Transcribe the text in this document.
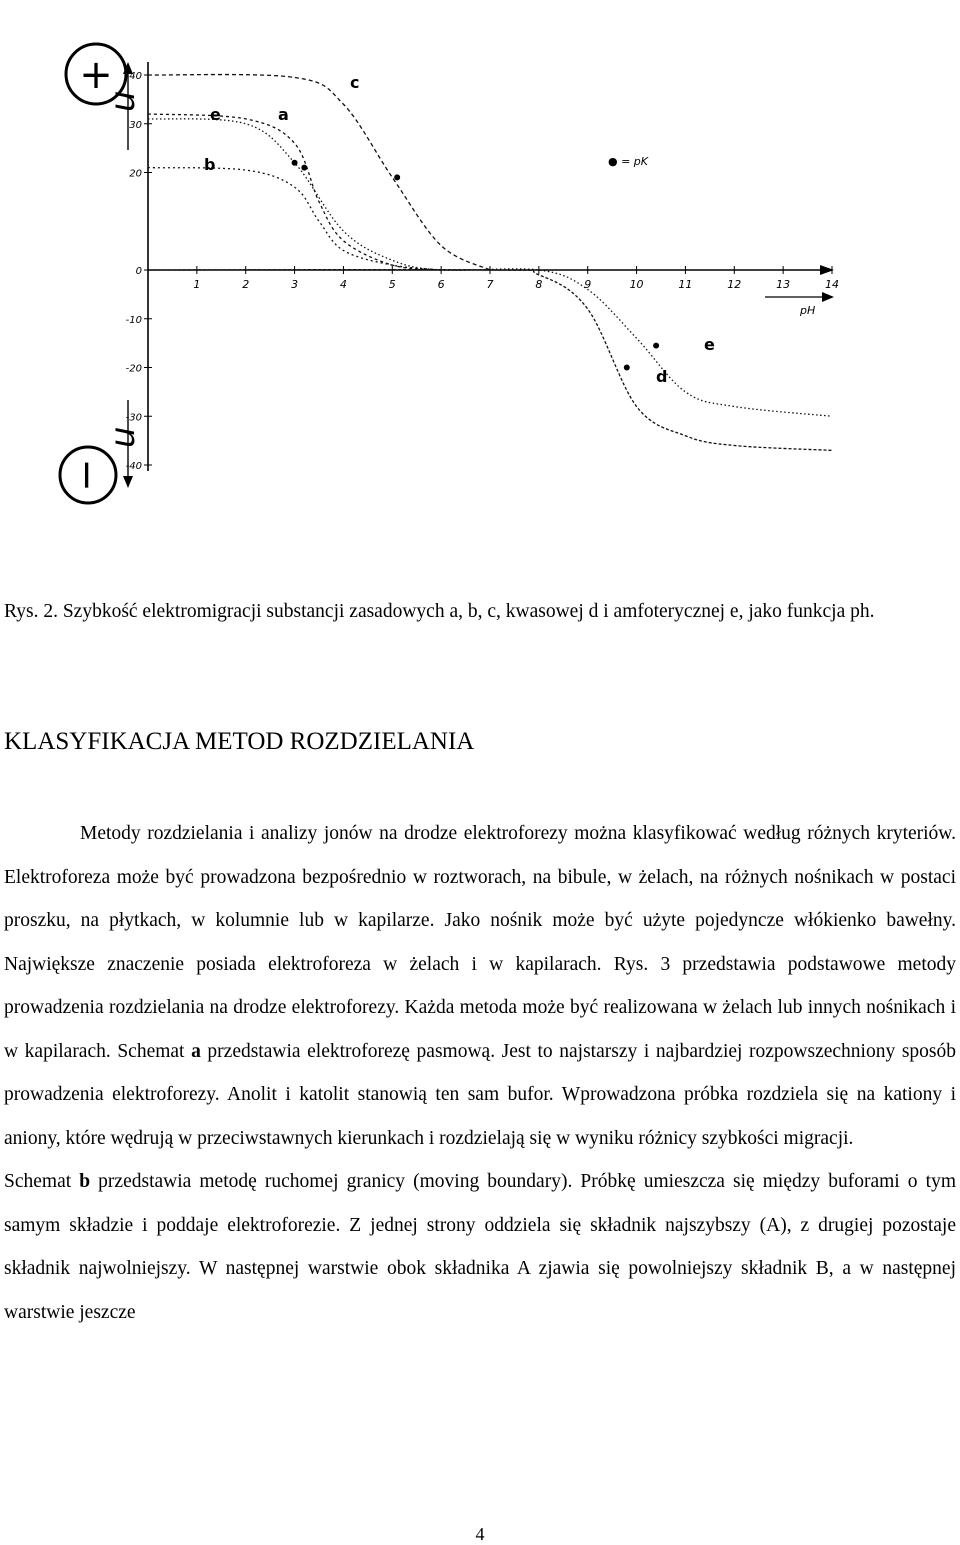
1	2	3	4	5	6	7	8	9	10	11	12	13	14
40
30
20
0
-10
-20
-30
-40
c
e	a
b
e
d
● = pK
+
−
u
u
pH
Rys. 2. Szybkość elektromigracji substancji zasadowych a, b, c, kwasowej d i amfoterycznej e, jako funkcja ph.
KLASYFIKACJA METOD ROZDZIELANIA

Metody rozdzielania i analizy jonów na drodze elektroforezy można klasyfikować według różnych kryteriów. Elektroforeza może być prowadzona bezpośrednio w roztworach, na bibule, w żelach, na różnych nośnikach w postaci proszku, na płytkach, w kolumnie lub w kapilarze. Jako nośnik może być użyte pojedyncze włókienko bawełny. Największe znaczenie posiada elektroforeza w żelach i w kapilarach. Rys. 3 przedstawia podstawowe metody prowadzenia rozdzielania na drodze elektroforezy. Każda metoda może być realizowana w żelach lub innych nośnikach i w kapilarach. Schemat a przedstawia elektroforezę pasmową. Jest to najstarszy i najbardziej rozpowszechniony sposób prowadzenia elektroforezy. Anolit i katolit stanowią ten sam bufor. Wprowadzona próbka rozdziela się na kationy i aniony, które wędrują w przeciwstawnych kierunkach i rozdzielają się w wyniku różnicy szybkości migracji.

Schemat b przedstawia metodę ruchomej granicy (moving boundary). Próbkę umieszcza się między buforami o tym samym składzie i poddaje elektroforezie. Z jednej strony oddziela się składnik najszybszy (A), z drugiej pozostaje składnik najwolniejszy. W następnej warstwie obok składnika A zjawia się powolniejszy składnik B, a w następnej warstwie jeszcze

4
